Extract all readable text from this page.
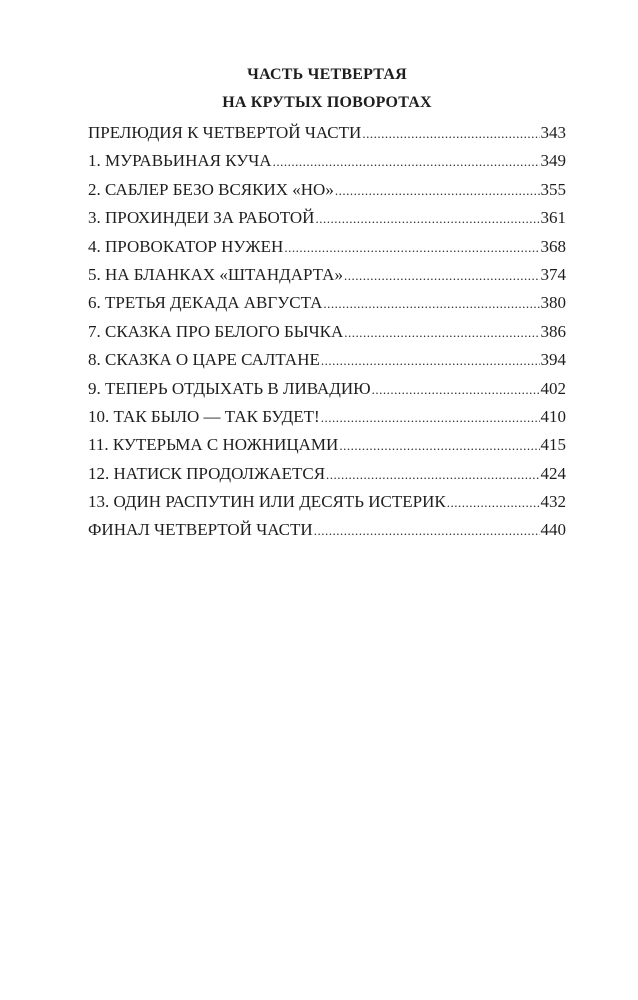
ЧАСТЬ ЧЕТВЕРТАЯ
НА КРУТЫХ ПОВОРОТАХ
ПРЕЛЮДИЯ К ЧЕТВЕРТОЙ ЧАСТИ .....	343
1. МУРАВЬИНАЯ КУЧА .....	349
2. САБЛЕР БЕЗО ВСЯКИХ «НО» .....	355
3. ПРОХИНДЕИ ЗА РАБОТОЙ .....	361
4. ПРОВОКАТОР НУЖЕН .....	368
5. НА БЛАНКАХ «ШТАНДАРТА» .....	374
6. ТРЕТЬЯ ДЕКАДА АВГУСТА .....	380
7. СКАЗКА ПРО БЕЛОГО БЫЧКА .....	386
8. СКАЗКА О ЦАРЕ САЛТАНЕ .....	394
9. ТЕПЕРЬ ОТДЫХАТЬ В ЛИВАДИЮ .....	402
10. ТАК БЫЛО — ТАК БУДЕТ! .....	410
11. КУТЕРЬМА С НОЖНИЦАМИ .....	415
12. НАТИСК ПРОДОЛЖАЕТСЯ .....	424
13. ОДИН РАСПУТИН ИЛИ ДЕСЯТЬ ИСТЕРИК .....	432
ФИНАЛ ЧЕТВЕРТОЙ ЧАСТИ .....	440
